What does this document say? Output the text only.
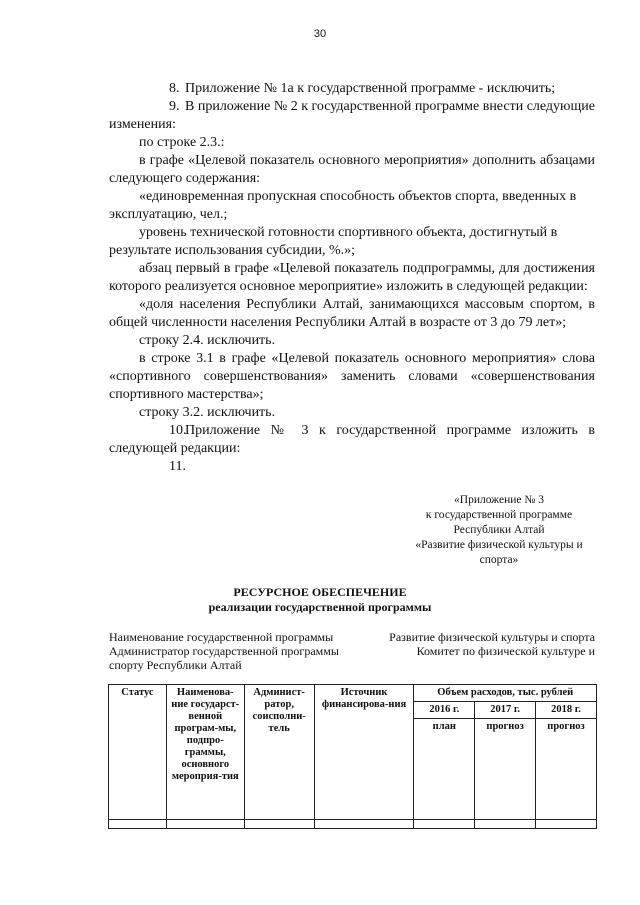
30

8. Приложение № 1а к государственной программе - исключить;

9. В приложение № 2 к государственной программе внести следующие изменения:

по строке 2.3.:

в графе «Целевой показатель основного мероприятия» дополнить абзацами следующего содержания:

«единовременная пропускная способность объектов спорта, введенных в эксплуатацию, чел.;

уровень технической готовности спортивного объекта, достигнутый в результате использования субсидии, %.»;

абзац первый в графе «Целевой показатель подпрограммы, для достижения которого реализуется основное мероприятие» изложить в следующей редакции:

«доля населения Республики Алтай, занимающихся массовым спортом, в общей численности населения Республики Алтай в возрасте от 3 до 79 лет»;

строку 2.4. исключить.

в строке 3.1 в графе «Целевой показатель основного мероприятия» слова «спортивного совершенствования» заменить словами «совершенствования спортивного мастерства»;

строку 3.2. исключить.

10.Приложение № 3 к государственной программе изложить в следующей редакции:

11.

«Приложение № 3
к государственной программе
Республики Алтай
«Развитие физической культуры и
спорта»
РЕСУРСНОЕ ОБЕСПЕЧЕНИЕ
реализации государственной программы
Наименование государственной программы	Развитие физической культуры и спорта
Администратор государственной программы	Комитет по физической культуре и
спорту Республики Алтай
Статус	Наименова-ние государст-венной програм-мы, подпро-граммы, основного мероприя-тия	Админист-ратор, соисполни-тель	Источник финансирова-ния	Объем расходов, тыс. рублей		
				2016 г.	2017 г.	2018 г.
				план	прогноз	прогноз
